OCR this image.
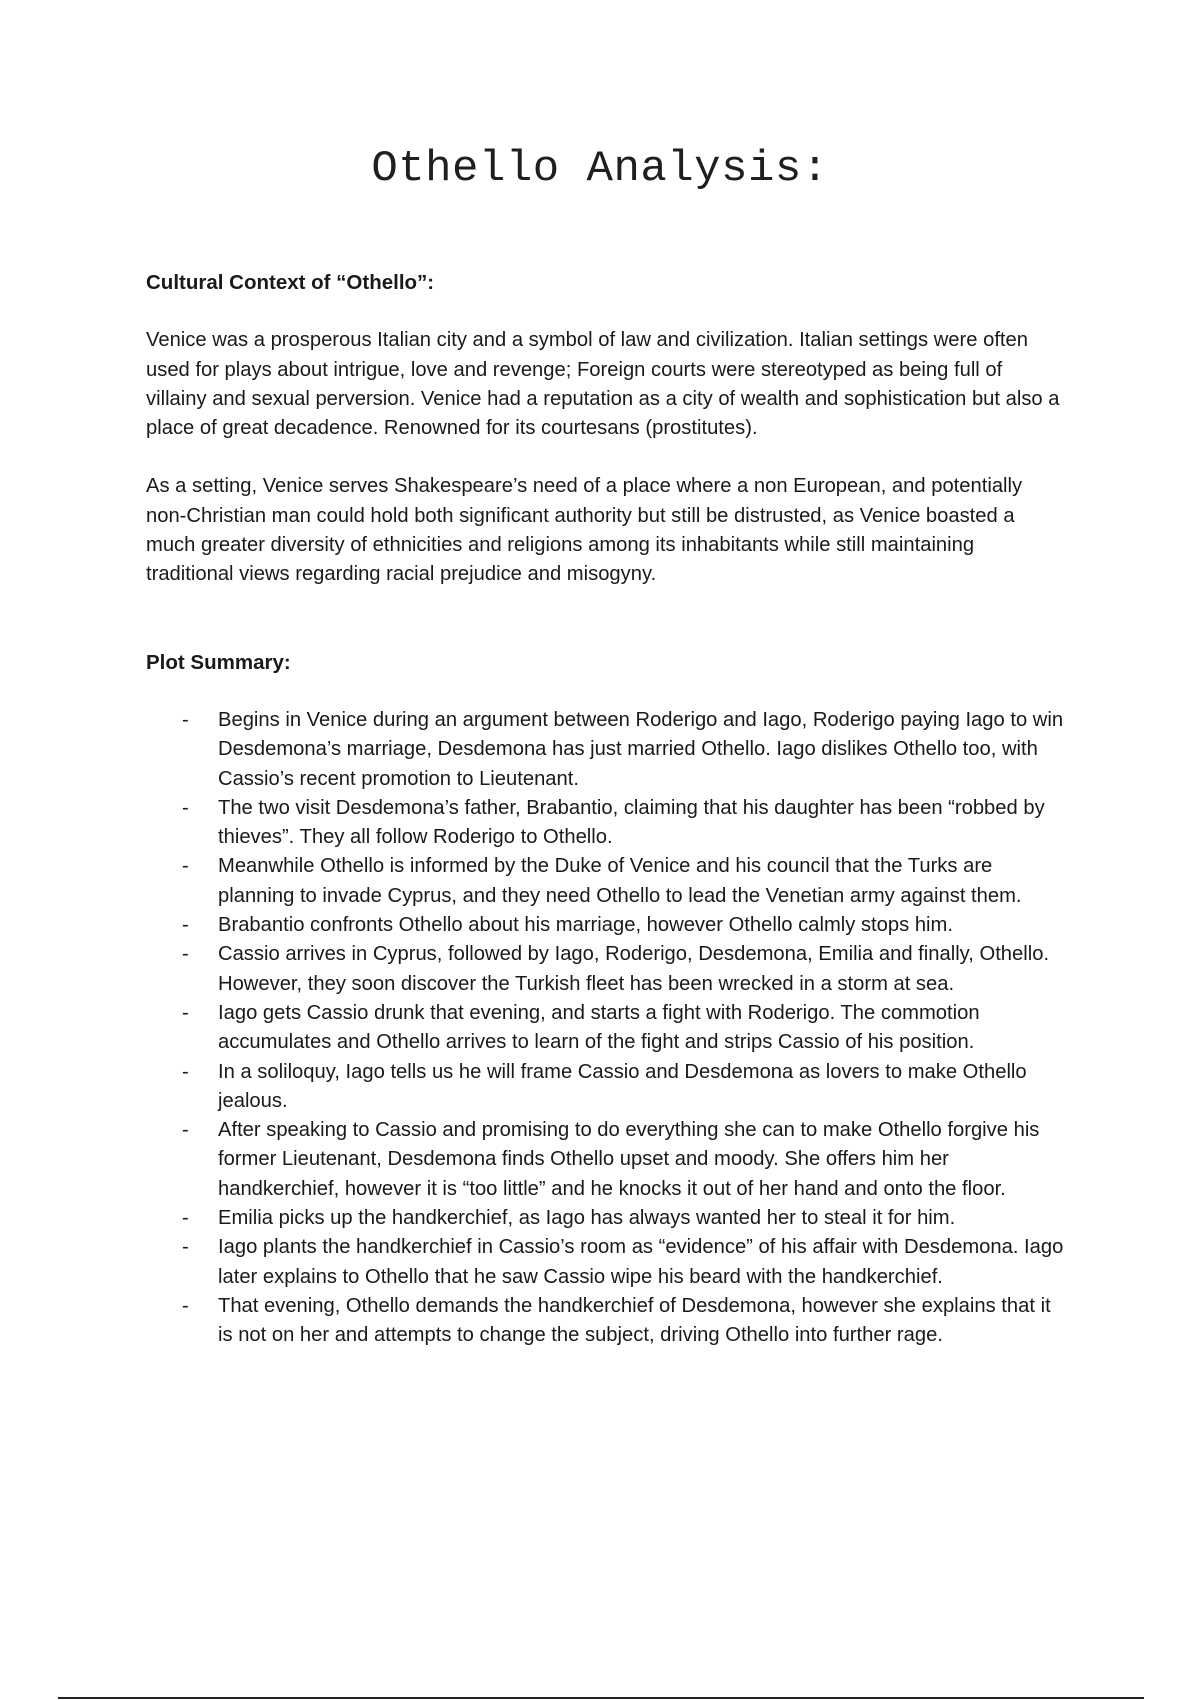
Othello Analysis:

Cultural Context of “Othello”:

Venice was a prosperous Italian city and a symbol of law and civilization. Italian settings were often used for plays about intrigue, love and revenge; Foreign courts were stereotyped as being full of villainy and sexual perversion. Venice had a reputation as a city of wealth and sophistication but also a place of great decadence. Renowned for its courtesans (prostitutes).

As a setting, Venice serves Shakespeare’s need of a place where a non European, and potentially non-Christian man could hold both significant authority but still be distrusted, as Venice boasted a much greater diversity of ethnicities and religions among its inhabitants while still maintaining traditional views regarding racial prejudice and misogyny.

Plot Summary:

- Begins in Venice during an argument between Roderigo and Iago, Roderigo paying Iago to win Desdemona’s marriage, Desdemona has just married Othello. Iago dislikes Othello too, with Cassio’s recent promotion to Lieutenant.
- The two visit Desdemona’s father, Brabantio, claiming that his daughter has been “robbed by thieves”. They all follow Roderigo to Othello.
- Meanwhile Othello is informed by the Duke of Venice and his council that the Turks are planning to invade Cyprus, and they need Othello to lead the Venetian army against them.
- Brabantio confronts Othello about his marriage, however Othello calmly stops him.
- Cassio arrives in Cyprus, followed by Iago, Roderigo, Desdemona, Emilia and finally, Othello. However, they soon discover the Turkish fleet has been wrecked in a storm at sea.
- Iago gets Cassio drunk that evening, and starts a fight with Roderigo. The commotion accumulates and Othello arrives to learn of the fight and strips Cassio of his position.
- In a soliloquy, Iago tells us he will frame Cassio and Desdemona as lovers to make Othello jealous.
- After speaking to Cassio and promising to do everything she can to make Othello forgive his former Lieutenant, Desdemona finds Othello upset and moody. She offers him her handkerchief, however it is “too little” and he knocks it out of her hand and onto the floor.
- Emilia picks up the handkerchief, as Iago has always wanted her to steal it for him.
- Iago plants the handkerchief in Cassio’s room as “evidence” of his affair with Desdemona. Iago later explains to Othello that he saw Cassio wipe his beard with the handkerchief.
- That evening, Othello demands the handkerchief of Desdemona, however she explains that it is not on her and attempts to change the subject, driving Othello into further rage.
